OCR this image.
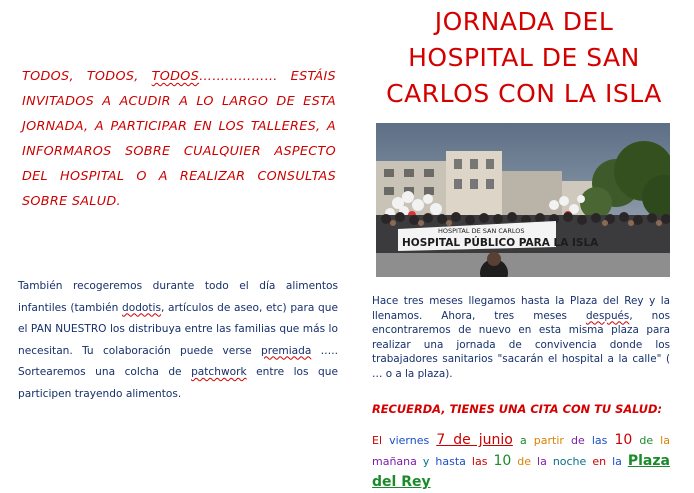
TODOS, TODOS, TODOS……………… ESTÁIS INVITADOS A ACUDIR A LO LARGO DE ESTA JORNADA, A PARTICIPAR EN LOS TALLERES, A INFORMAROS SOBRE CUALQUIER ASPECTO DEL HOSPITAL O A REALIZAR CONSULTAS SOBRE SALUD.

También recogeremos durante todo el día alimentos infantiles (también dodotis, artículos de aseo, etc) para que el PAN NUESTRO los distribuya entre las familias que más lo necesitan. Tu colaboración puede verse premiada ….. Sortearemos una colcha de patchwork entre los que participen trayendo alimentos.

JORNADA DEL
HOSPITAL DE SAN
CARLOS CON LA ISLA
HOSPITAL DE SAN CARLOS
HOSPITAL PÚBLICO PARA LA ISLA

Hace tres meses llegamos hasta la Plaza del Rey y la llenamos. Ahora, tres meses después, nos encontraremos de nuevo en esta misma plaza para realizar una jornada de convivencia donde los trabajadores sanitarios "sacarán el hospital a la calle" ( … o a la plaza).

RECUERDA, TIENES UNA CITA CON TU SALUD:

El viernes 7 de junio a partir de las 10 de la mañana y hasta las 10 de la noche en la Plaza del Rey
